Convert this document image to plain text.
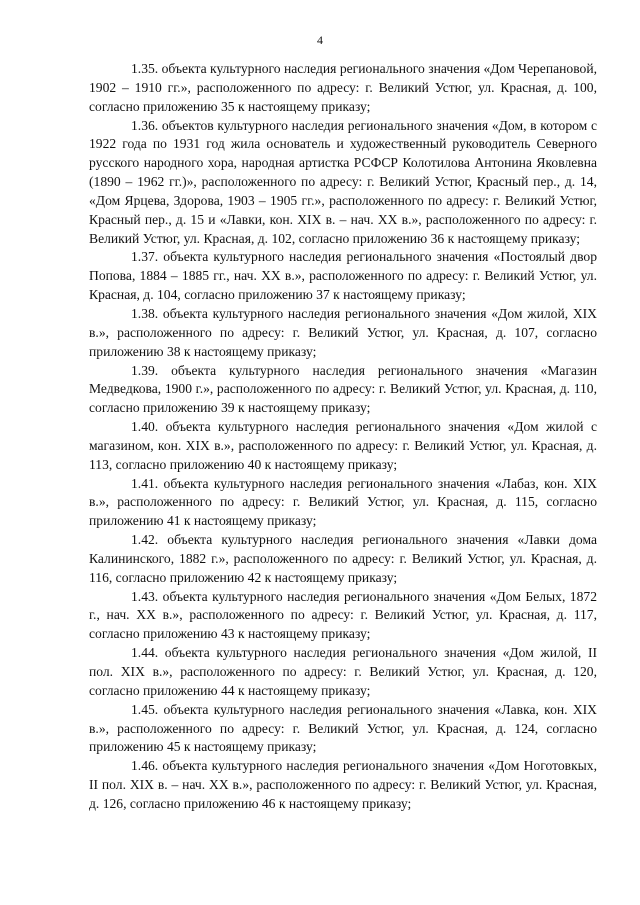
4

1.35. объекта культурного наследия регионального значения «Дом Черепановой, 1902 – 1910 гг.», расположенного по адресу: г. Великий Устюг, ул. Красная, д. 100, согласно приложению 35 к настоящему приказу;

1.36. объектов культурного наследия регионального значения «Дом, в котором с 1922 года по 1931 год жила основатель и художественный руководитель Северного русского народного хора, народная артистка РСФСР Колотилова Антонина Яковлевна (1890 – 1962 гг.)», расположенного по адресу: г. Великий Устюг, Красный пер., д. 14, «Дом Ярцева, Здорова, 1903 – 1905 гг.», расположенного по адресу: г. Великий Устюг, Красный пер., д. 15 и «Лавки, кон. XIX в. – нач. XX в.», расположенного по адресу: г. Великий Устюг, ул. Красная, д. 102, согласно приложению 36 к настоящему приказу;

1.37. объекта культурного наследия регионального значения «Постоялый двор Попова, 1884 – 1885 гг., нач. XX в.», расположенного по адресу: г. Великий Устюг, ул. Красная, д. 104, согласно приложению 37 к настоящему приказу;

1.38. объекта культурного наследия регионального значения «Дом жилой, XIX в.», расположенного по адресу: г. Великий Устюг, ул. Красная, д. 107, согласно приложению 38 к настоящему приказу;

1.39. объекта культурного наследия регионального значения «Магазин Медведкова, 1900 г.», расположенного по адресу: г. Великий Устюг, ул. Красная, д. 110, согласно приложению 39 к настоящему приказу;

1.40. объекта культурного наследия регионального значения «Дом жилой с магазином, кон. XIX в.», расположенного по адресу: г. Великий Устюг, ул. Красная, д. 113, согласно приложению 40 к настоящему приказу;

1.41. объекта культурного наследия регионального значения «Лабаз, кон. XIX в.», расположенного по адресу: г. Великий Устюг, ул. Красная, д. 115, согласно приложению 41 к настоящему приказу;

1.42. объекта культурного наследия регионального значения «Лавки дома Калининского, 1882 г.», расположенного по адресу: г. Великий Устюг, ул. Красная, д. 116, согласно приложению 42 к настоящему приказу;

1.43. объекта культурного наследия регионального значения «Дом Белых, 1872 г., нач. XX в.», расположенного по адресу: г. Великий Устюг, ул. Красная, д. 117, согласно приложению 43 к настоящему приказу;

1.44. объекта культурного наследия регионального значения «Дом жилой, II пол. XIX в.», расположенного по адресу: г. Великий Устюг, ул. Красная, д. 120, согласно приложению 44 к настоящему приказу;

1.45. объекта культурного наследия регионального значения «Лавка, кон. XIX в.», расположенного по адресу: г. Великий Устюг, ул. Красная, д. 124, согласно приложению 45 к настоящему приказу;

1.46. объекта культурного наследия регионального значения «Дом Ноготовкых, II пол. XIX в. – нач. XX в.», расположенного по адресу: г. Великий Устюг, ул. Красная, д. 126, согласно приложению 46 к настоящему приказу;
